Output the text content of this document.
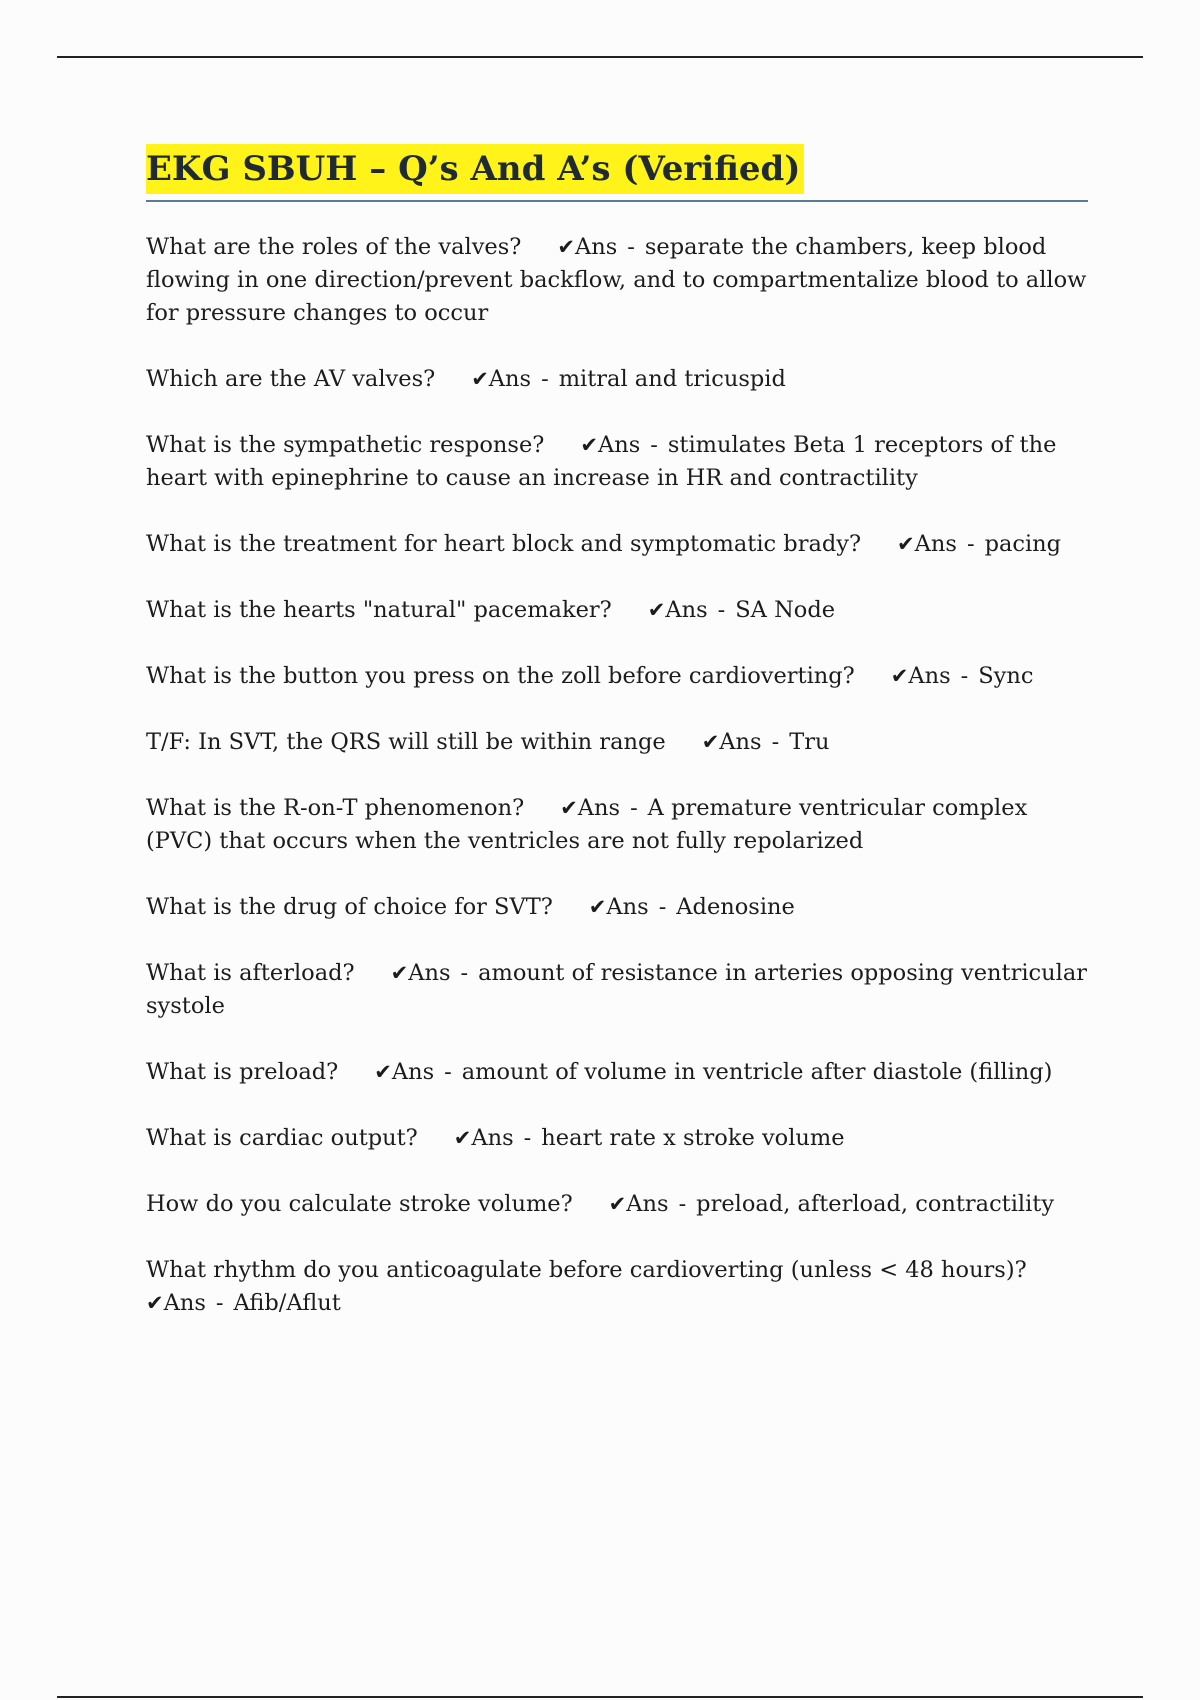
EKG SBUH – Q’s And A’s (Verified)

What are the roles of the valves? ✔Ans - separate the chambers, keep blood flowing in one direction/prevent backflow, and to compartmentalize blood to allow for pressure changes to occur

Which are the AV valves? ✔Ans - mitral and tricuspid

What is the sympathetic response? ✔Ans - stimulates Beta 1 receptors of the heart with epinephrine to cause an increase in HR and contractility

What is the treatment for heart block and symptomatic brady? ✔Ans - pacing

What is the hearts "natural" pacemaker? ✔Ans - SA Node

What is the button you press on the zoll before cardioverting? ✔Ans - Sync

T/F: In SVT, the QRS will still be within range ✔Ans - Tru

What is the R-on-T phenomenon? ✔Ans - A premature ventricular complex (PVC) that occurs when the ventricles are not fully repolarized

What is the drug of choice for SVT? ✔Ans - Adenosine

What is afterload? ✔Ans - amount of resistance in arteries opposing ventricular systole

What is preload? ✔Ans - amount of volume in ventricle after diastole (filling)

What is cardiac output? ✔Ans - heart rate x stroke volume

How do you calculate stroke volume? ✔Ans - preload, afterload, contractility

What rhythm do you anticoagulate before cardioverting (unless < 48 hours)?
✔Ans - Afib/Aflut
